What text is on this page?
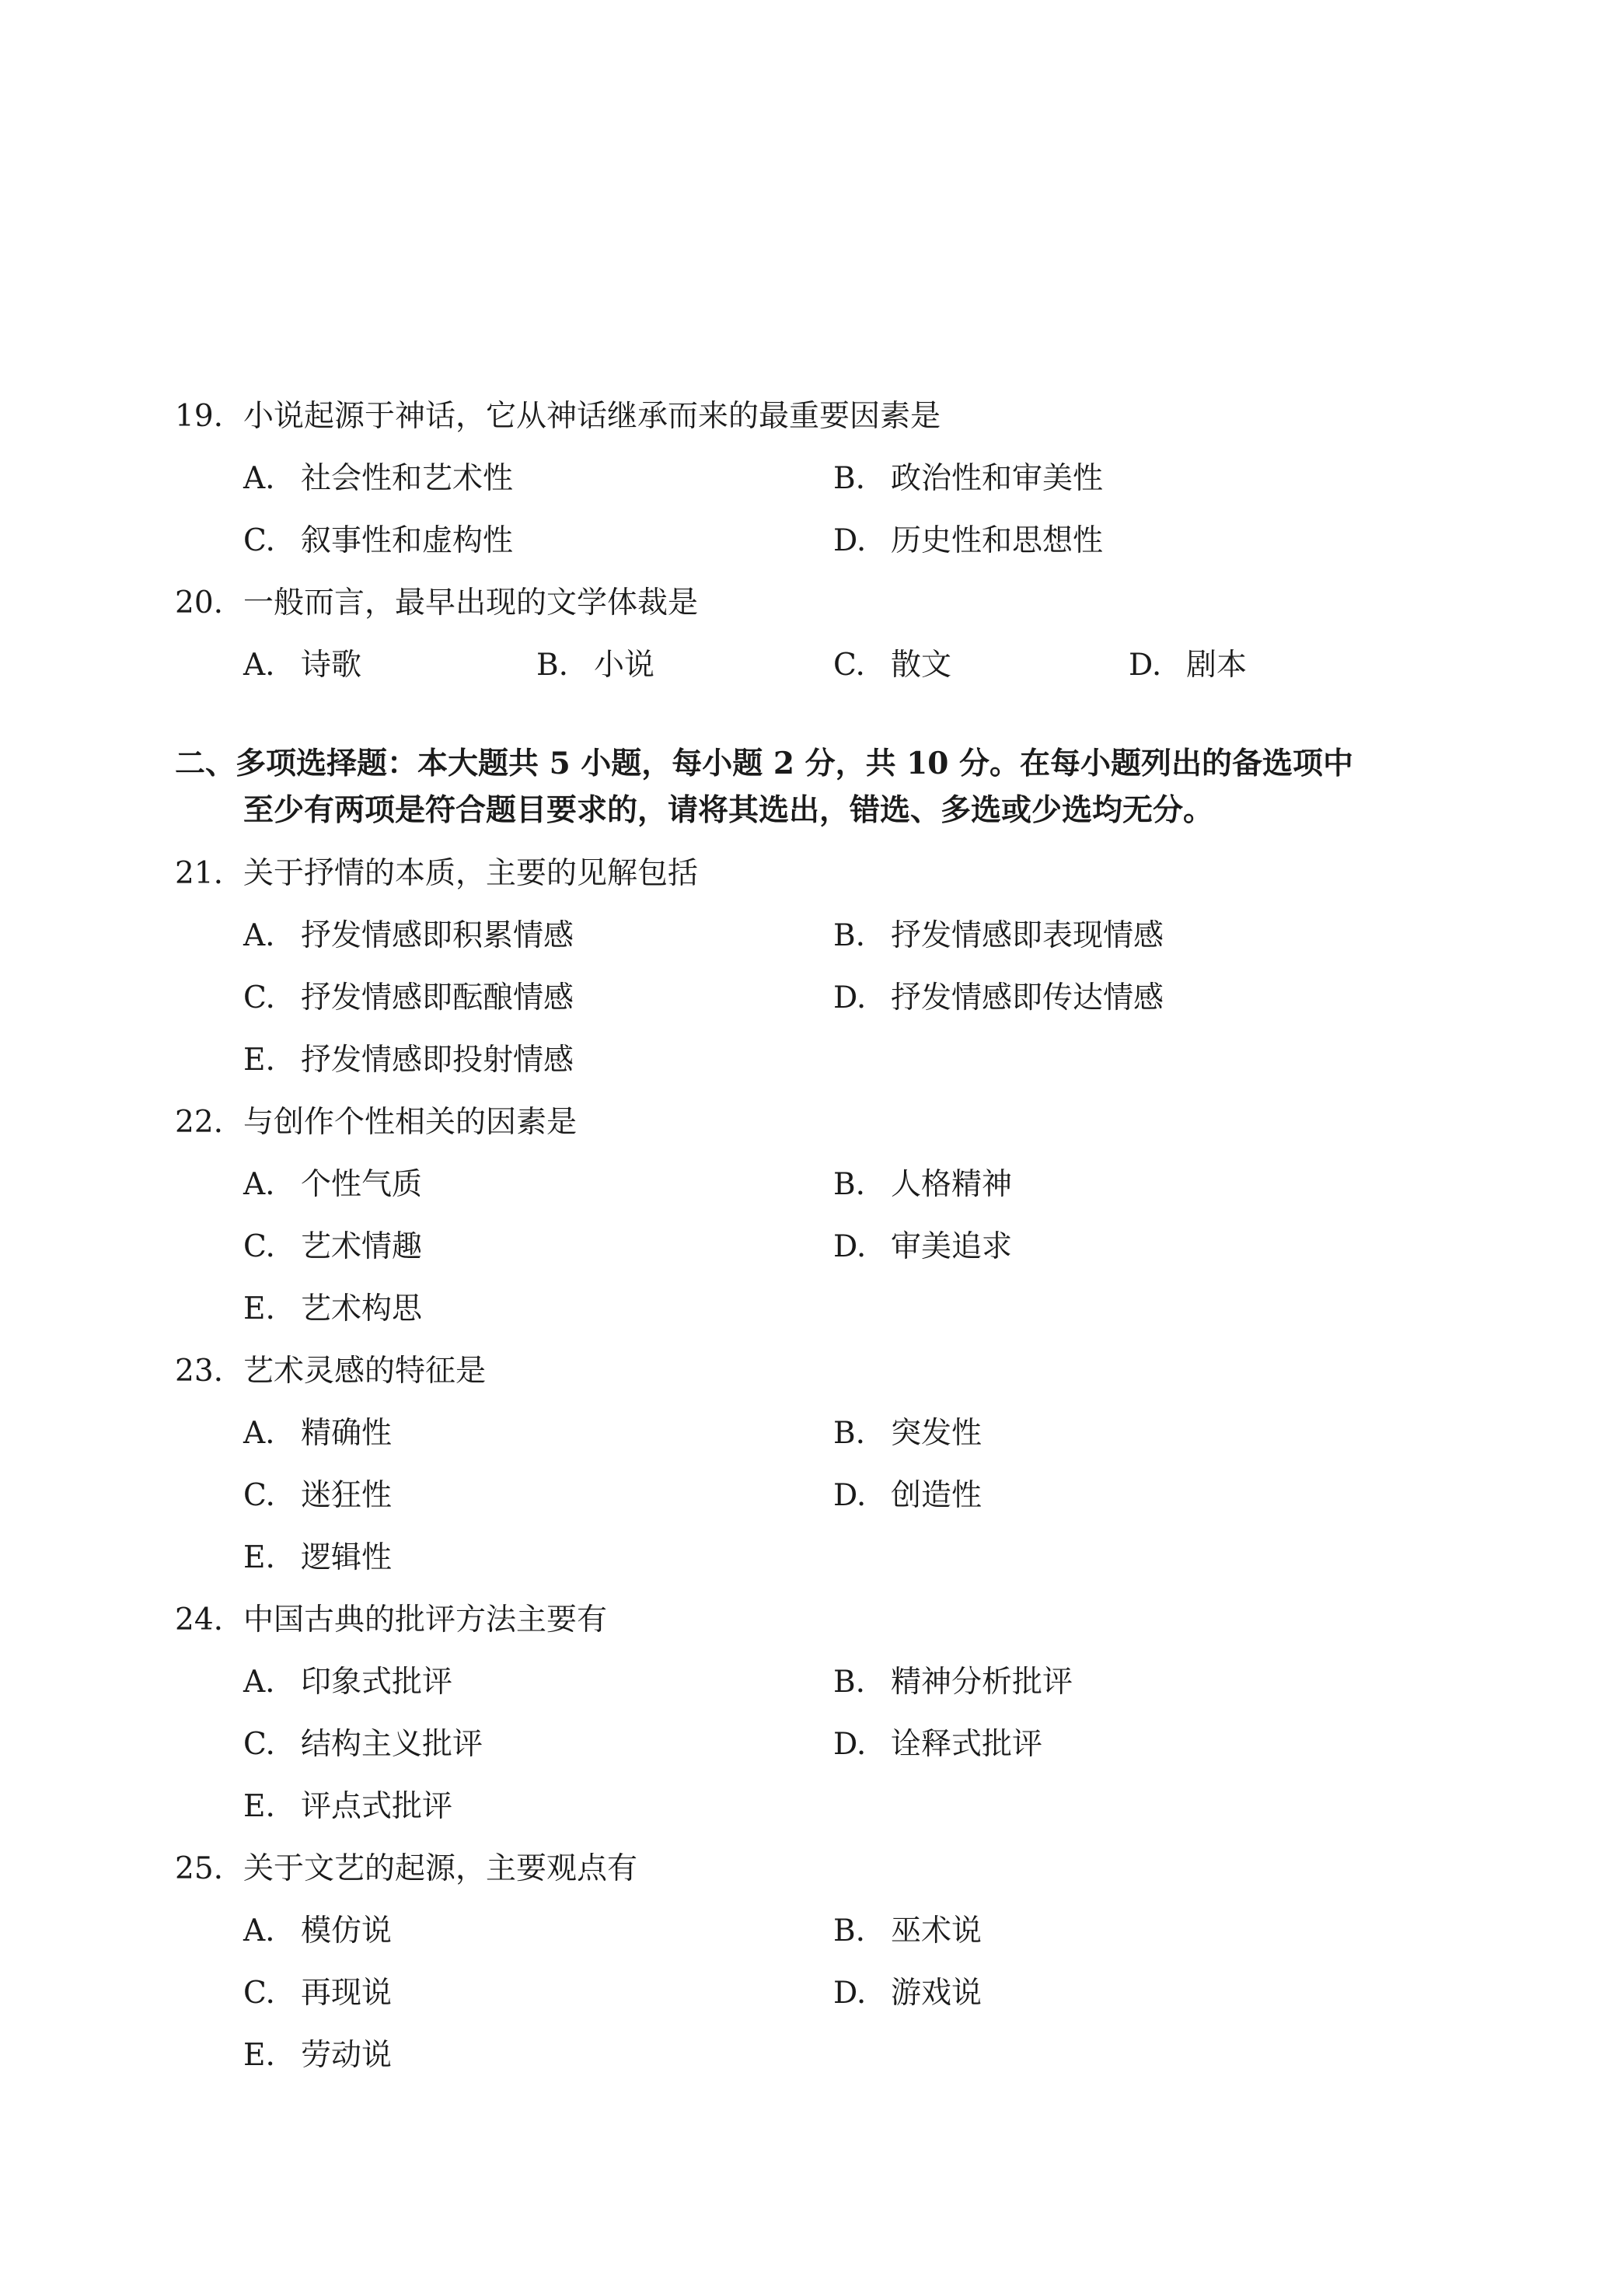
19. 小说起源于神话，它从神话继承而来的最重要因素是
A. 社会性和艺术性	B. 政治性和审美性
C. 叙事性和虚构性	D. 历史性和思想性
20. 一般而言，最早出现的文学体裁是
A. 诗歌	B. 小说	C. 散文	D. 剧本
二、多项选择题：本大题共 5 小题，每小题 2 分，共 10 分。在每小题列出的备选项中
至少有两项是符合题目要求的，请将其选出，错选、多选或少选均无分。
21. 关于抒情的本质，主要的见解包括
A. 抒发情感即积累情感	B. 抒发情感即表现情感
C. 抒发情感即酝酿情感	D. 抒发情感即传达情感
E. 抒发情感即投射情感
22. 与创作个性相关的因素是
A. 个性气质	B. 人格精神
C. 艺术情趣	D. 审美追求
E. 艺术构思
23. 艺术灵感的特征是
A. 精确性	B. 突发性
C. 迷狂性	D. 创造性
E. 逻辑性
24. 中国古典的批评方法主要有
A. 印象式批评	B. 精神分析批评
C. 结构主义批评	D. 诠释式批评
E. 评点式批评
25. 关于文艺的起源，主要观点有
A. 模仿说	B. 巫术说
C. 再现说	D. 游戏说
E. 劳动说
